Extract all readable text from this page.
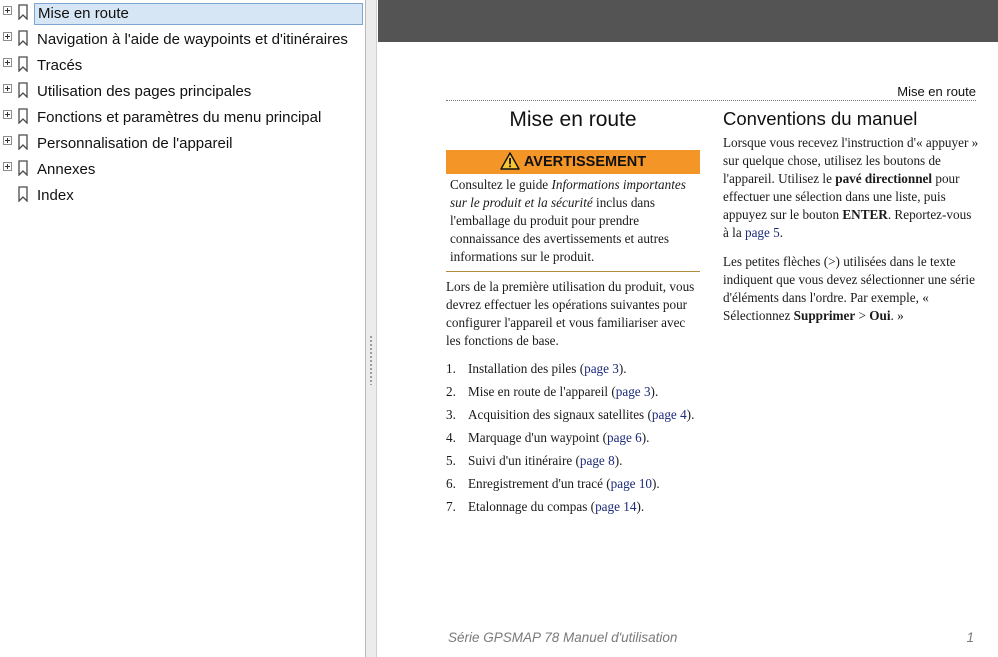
Mise en route
Navigation à l'aide de waypoints et d'itinéraires
Tracés
Utilisation des pages principales
Fonctions et paramètres du menu principal
Personnalisation de l'appareil
Annexes
Index
Mise en route
Mise en route
AVERTISSEMENT
Consultez le guide Informations importantes sur le produit et la sécurité inclus dans l'emballage du produit pour prendre connaissance des avertissements et autres informations sur le produit.

Lors de la première utilisation du produit, vous devrez effectuer les opérations suivantes pour configurer l'appareil et vous familiariser avec les fonctions de base.

1. Installation des piles (page 3).
2. Mise en route de l'appareil (page 3).
3. Acquisition des signaux satellites (page 4).
4. Marquage d'un waypoint (page 6).
5. Suivi d'un itinéraire (page 8).
6. Enregistrement d'un tracé (page 10).
7. Etalonnage du compas (page 14).
Conventions du manuel

Lorsque vous recevez l'instruction d'« appuyer » sur quelque chose, utilisez les boutons de l'appareil. Utilisez le pavé directionnel pour effectuer une sélection dans une liste, puis appuyez sur le bouton ENTER. Reportez-vous à la page 5.

Les petites flèches (>) utilisées dans le texte indiquent que vous devez sélectionner une série d'éléments dans l'ordre. Par exemple, « Sélectionnez Supprimer > Oui. »

Série GPSMAP 78 Manuel d'utilisation	1
